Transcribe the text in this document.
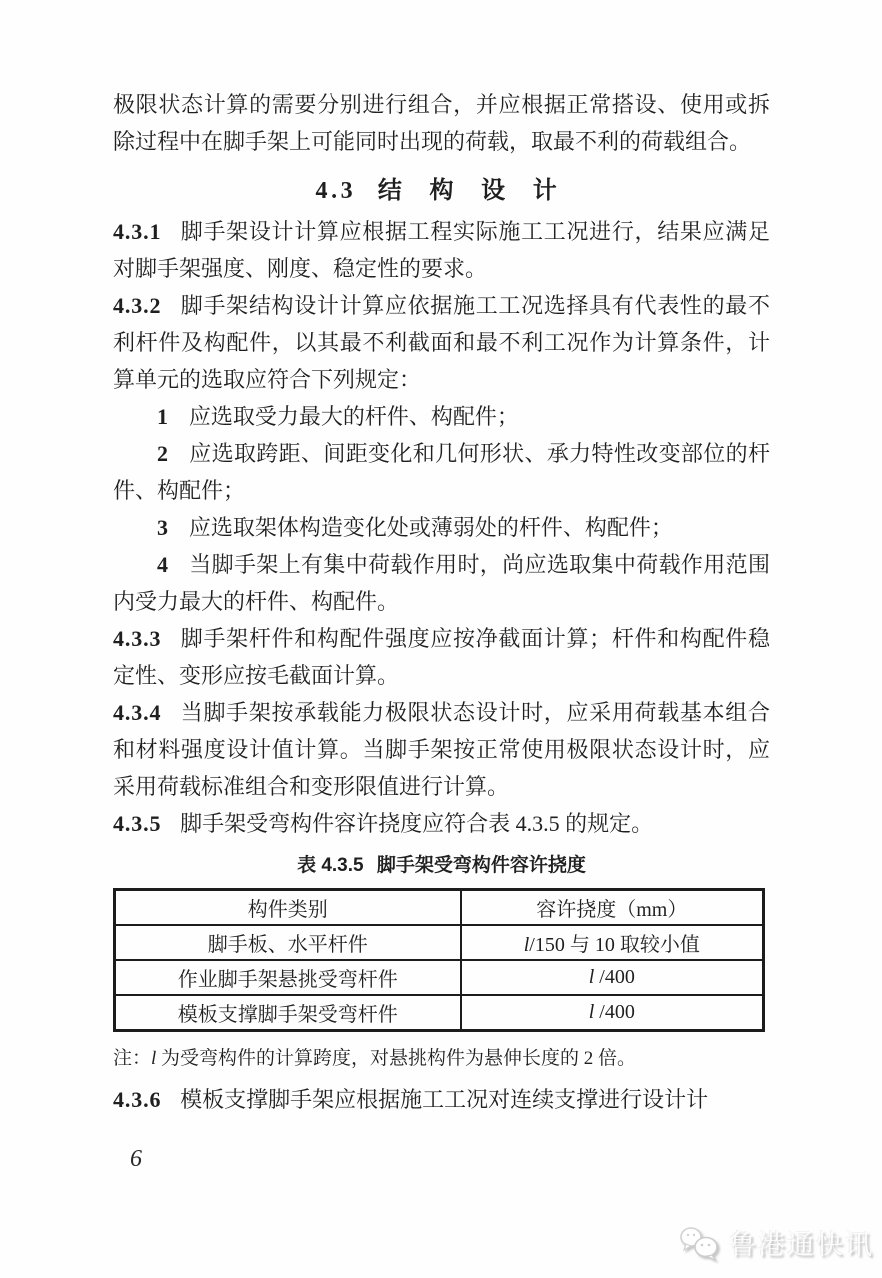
极限状态计算的需要分别进行组合，并应根据正常搭设、使用或拆除过程中在脚手架上可能同时出现的荷载，取最不利的荷载组合。

4.3 结 构 设 计

4.3.1 脚手架设计计算应根据工程实际施工工况进行，结果应满足对脚手架强度、刚度、稳定性的要求。

4.3.2 脚手架结构设计计算应依据施工工况选择具有代表性的最不利杆件及构配件，以其最不利截面和最不利工况作为计算条件，计算单元的选取应符合下列规定：

1 应选取受力最大的杆件、构配件；

2 应选取跨距、间距变化和几何形状、承力特性改变部位的杆件、构配件；

3 应选取架体构造变化处或薄弱处的杆件、构配件；

4 当脚手架上有集中荷载作用时，尚应选取集中荷载作用范围内受力最大的杆件、构配件。

4.3.3 脚手架杆件和构配件强度应按净截面计算；杆件和构配件稳定性、变形应按毛截面计算。

4.3.4 当脚手架按承载能力极限状态设计时，应采用荷载基本组合和材料强度设计值计算。当脚手架按正常使用极限状态设计时，应采用荷载标准组合和变形限值进行计算。

4.3.5 脚手架受弯构件容许挠度应符合表 4.3.5 的规定。

表 4.3.5 脚手架受弯构件容许挠度

构件类别	容许挠度（mm）
脚手板、水平杆件	l/150 与 10 取较小值
作业脚手架悬挑受弯杆件	l /400
模板支撑脚手架受弯杆件	l /400

注：l 为受弯构件的计算跨度，对悬挑构件为悬伸长度的 2 倍。

4.3.6 模板支撑脚手架应根据施工工况对连续支撑进行设计计

6
鲁港通快讯
